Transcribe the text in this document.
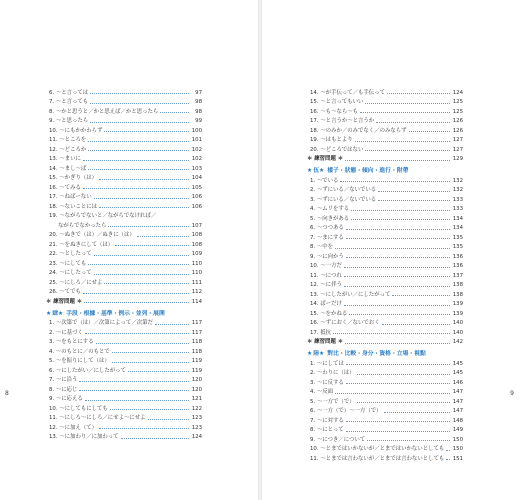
6. ～と言っては	97
7. ～と言っても	98
8. ～かと思うと／かと思えば／かと思ったら	98
9. ～と思ったら	99
10. ～にもかかわらず	100
11. ～ところを	101
12. ～どころか	102
13. ～まいに	102
14. ～まし～ば	103
15. ～かぎり（は）	104
16. ～てみる	105
17. ～ねばーない	106
18. ～ないことには	106
19. ～ながらでないと／ながらでなければ／
ながらでなかったら	107
20. ～ぬきで（は）／ぬきに（は）	108
21. ～をぬきにして（は）	108
22. ～としたって	109
23. ～にしても	110
24. ～にしたって	110
25. ～にしろ／にせよ	111
26. ～てでも	112
＊ 練習問題 ＊	114
★ 肆★ 手段・根據・基準・例示・並列・展開
1. ～次第で（は）／次第によって／次第だ	117
2. ～に基づく	117
3. ～をもとにする	118
4. ～のもとに／のもとで	118
5. ～を振りにして（は）	119
6. ～にしたがい／にしたがって	119
7. ～に沿う	120
8. ～に応じ	120
9. ～に応える	121
10. ～にしてもにしても	122
11. ～にしろ～にしろ／にせよ～にせよ	123
12. ～に加え（て）	123
13. ～に加わり／に加わって	124
8
14. ～が手伝って／も手伝って	124
15. ～と言ってもいい	125
16. ～も～なら～も	125
17. ～と言うか～と言うか	126
18. ～のみか／のみでなく／のみならず	126
19. ～はもとより	127
20. ～どころではない	127
＊ 練習問題 ＊	129
★ 伍★ 樣子・狀態・傾向・進行・附帶
1. ～でいる	132
2. ～ずにいる／ないでいる	132
3. ～ずにいる／ないでいる	133
4. ～ムリをする	133
5. ～向きがある	134
6. ～つつある	134
7. ～まにする	135
8. ～中を	135
9. ～に向かう	136
10. ～一方だ	136
11. ～につれ	137
12. ～に伴う	138
13. ～にしたがい／にしたがって	138
14. ばーだけ	139
15. ～をかねる	139
16. ～ずにおく／ないでおく	140
17. 抵抗	140
＊ 練習問題 ＊	142
★ 陸★ 對比・比較・身分・資格・立場・視點
1. ～にしては	145
2. ～わりに（は）	145
3. ～に反する	146
4. ～反面	147
5. ～一方で（で）	147
6. ～一方（で）～一方（で）	147
7. ～に対する	148
8. ～にとって	149
9. ～につき／について	150
10. ～とまではいかないが／とまではいかないとしても 150
11. ～とまでは言わないが／とまでは言わないとしても 151
9
